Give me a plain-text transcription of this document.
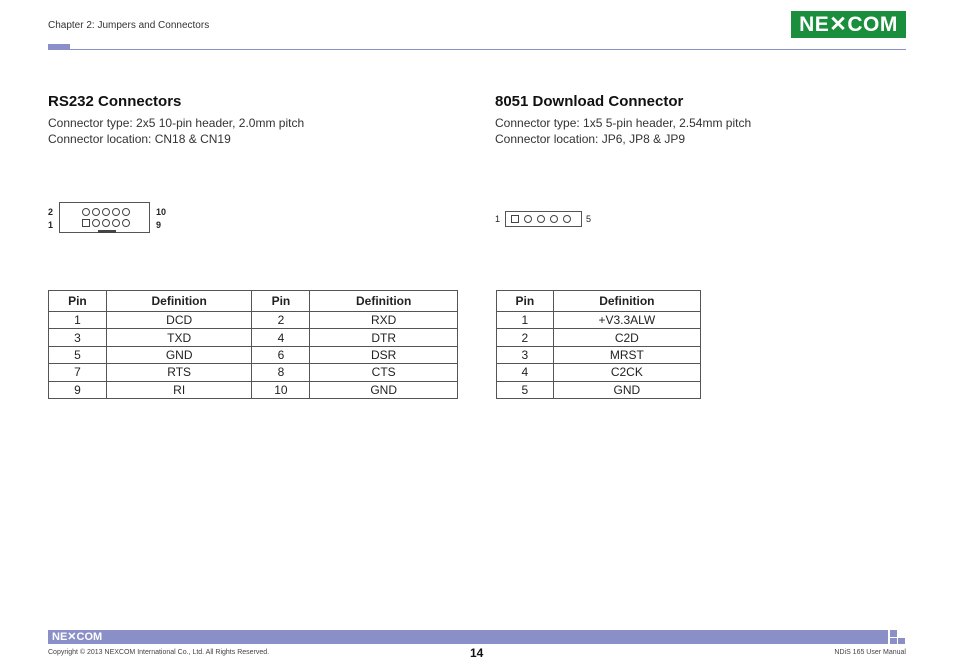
Chapter 2: Jumpers and Connectors	NE✕COM
RS232 Connectors
Connector type: 2x5 10-pin header, 2.0mm pitch
Connector location: CN18 & CN19
2
1
10
9
Pin	Definition	Pin	Definition
1	DCD	2	RXD
3	TXD	4	DTR
5	GND	6	DSR
7	RTS	8	CTS
9	RI	10	GND
8051 Download Connector
Connector type: 1x5 5-pin header, 2.54mm pitch
Connector location: JP6, JP8 & JP9
1	5
Pin	Definition
1	+V3.3ALW
2	C2D
3	MRST
4	C2CK
5	GND
NE✕COM
Copyright © 2013 NEXCOM International Co., Ltd. All Rights Reserved.	14	NDiS 165 User Manual
